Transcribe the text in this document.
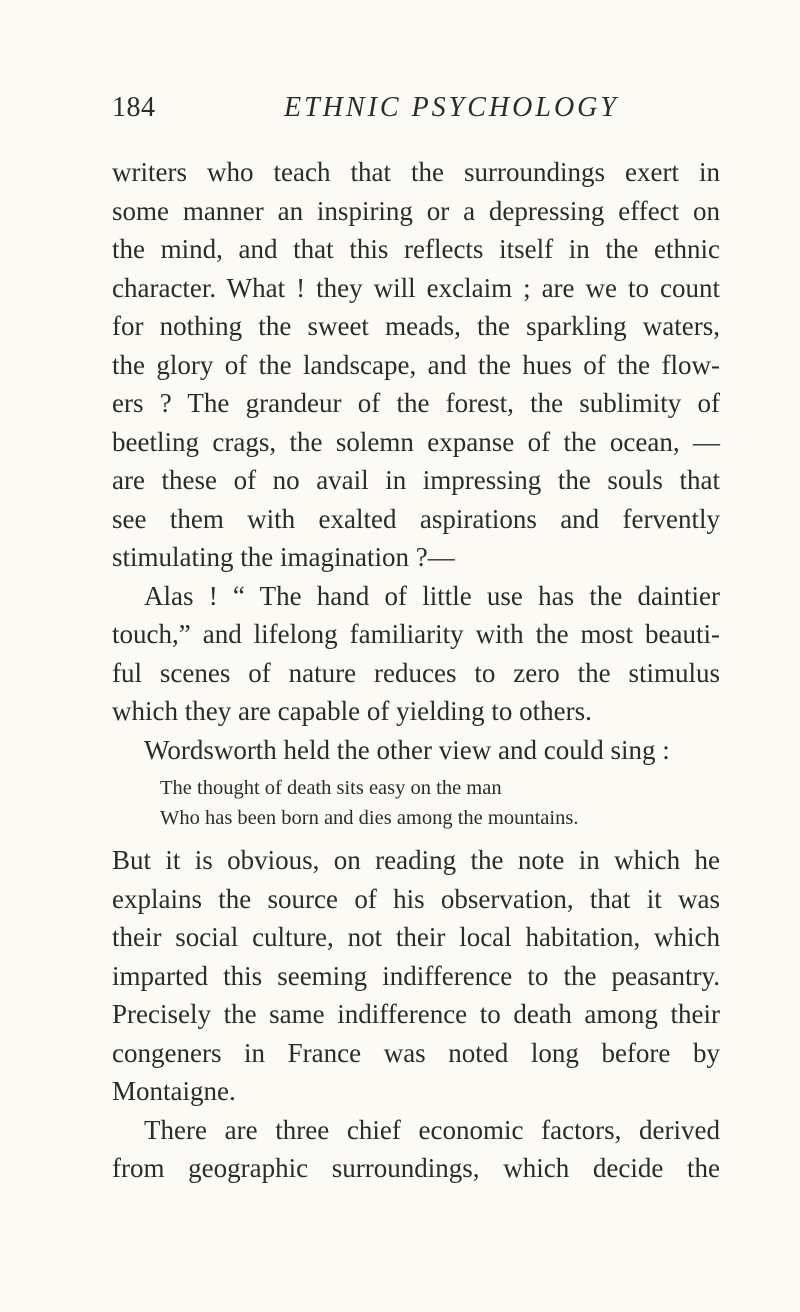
184	ETHNIC PSYCHOLOGY
writers who teach that the surroundings exert in
some manner an inspiring or a depressing effect on
the mind, and that this reflects itself in the ethnic
character. What ! they will exclaim ; are we to count
for nothing the sweet meads, the sparkling waters,
the glory of the landscape, and the hues of the flow-
ers ? The grandeur of the forest, the sublimity of
beetling crags, the solemn expanse of the ocean, —
are these of no avail in impressing the souls that
see them with exalted aspirations and fervently
stimulating the imagination ?—
Alas ! “ The hand of little use has the daintier
touch,” and lifelong familiarity with the most beauti-
ful scenes of nature reduces to zero the stimulus
which they are capable of yielding to others.
Wordsworth held the other view and could sing :
The thought of death sits easy on the man
Who has been born and dies among the mountains.
But it is obvious, on reading the note in which he
explains the source of his observation, that it was
their social culture, not their local habitation, which
imparted this seeming indifference to the peasantry.
Precisely the same indifference to death among their
congeners in France was noted long before by
Montaigne.
There are three chief economic factors, derived
from geographic surroundings, which decide the
